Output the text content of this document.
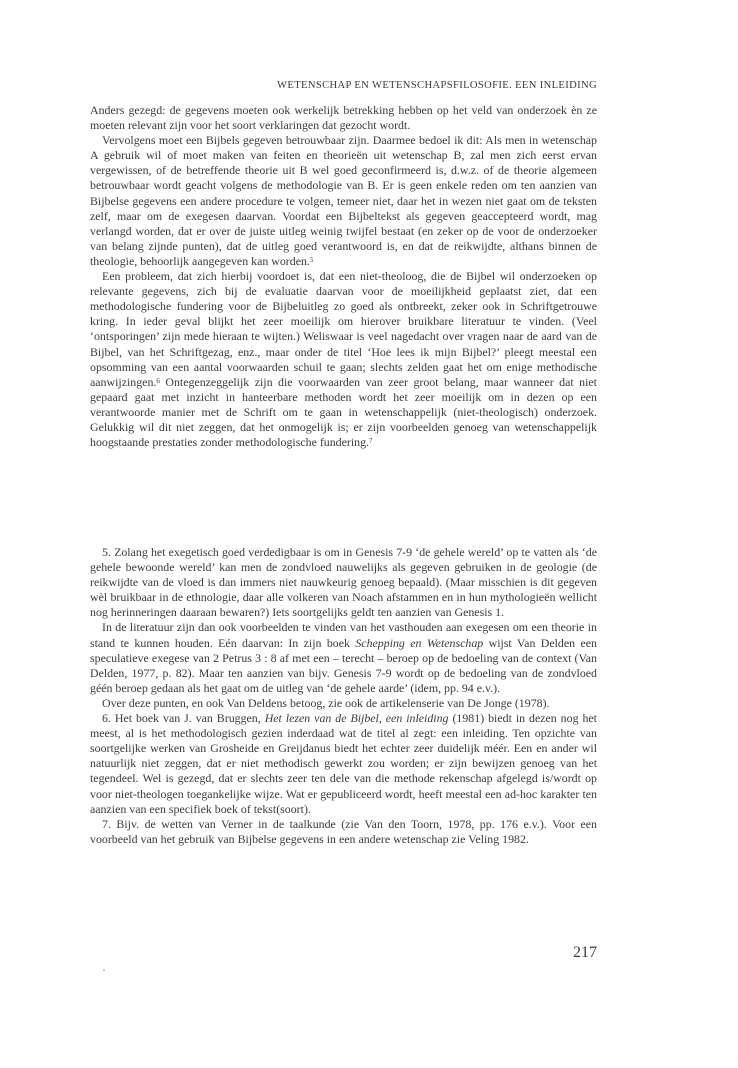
WETENSCHAP EN WETENSCHAPSFILOSOFIE. EEN INLEIDING

Anders gezegd: de gegevens moeten ook werkelijk betrekking hebben op het veld van onderzoek èn ze moeten relevant zijn voor het soort verklaringen dat gezocht wordt.

Vervolgens moet een Bijbels gegeven betrouwbaar zijn. Daarmee bedoel ik dit: Als men in wetenschap A gebruik wil of moet maken van feiten en theorieën uit wetenschap B, zal men zich eerst ervan vergewissen, of de betreffende theorie uit B wel goed geconfirmeerd is, d.w.z. of de theorie algemeen betrouwbaar wordt geacht volgens de methodologie van B. Er is geen enkele reden om ten aanzien van Bijbelse gegevens een andere procedure te volgen, temeer niet, daar het in wezen niet gaat om de teksten zelf, maar om de exegesen daarvan. Voordat een Bijbeltekst als gegeven geaccepteerd wordt, mag verlangd worden, dat er over de juiste uitleg weinig twijfel bestaat (en zeker op de voor de onderzoeker van belang zijnde punten), dat de uitleg goed verantwoord is, en dat de reikwijdte, althans binnen de theologie, behoorlijk aangegeven kan worden.$^5$

Een probleem, dat zich hierbij voordoet is, dat een niet-theoloog, die de Bijbel wil onderzoeken op relevante gegevens, zich bij de evaluatie daarvan voor de moeilijkheid geplaatst ziet, dat een methodologische fundering voor de Bijbeluitleg zo goed als ontbreekt, zeker ook in Schriftgetrouwe kring. In ieder geval blijkt het zeer moeilijk om hierover bruikbare literatuur te vinden. (Veel ‘ontsporingen’ zijn mede hieraan te wijten.) Weliswaar is veel nagedacht over vragen naar de aard van de Bijbel, van het Schriftgezag, enz., maar onder de titel ‘Hoe lees ik mijn Bijbel?’ pleegt meestal een opsomming van een aantal voorwaarden schuil te gaan; slechts zelden gaat het om enige methodische aanwijzingen.$^6$ Ontegenzeggelijk zijn die voorwaarden van zeer groot belang, maar wanneer dat niet gepaard gaat met inzicht in hanteerbare methoden wordt het zeer moeilijk om in dezen op een verantwoorde manier met de Schrift om te gaan in wetenschappelijk (niet-theologisch) onderzoek. Gelukkig wil dit niet zeggen, dat het onmogelijk is; er zijn voorbeelden genoeg van wetenschappelijk hoogstaande prestaties zonder methodologische fundering.$^7$

5. Zolang het exegetisch goed verdedigbaar is om in Genesis 7-9 ‘de gehele wereld’ op te vatten als ‘de gehele bewoonde wereld’ kan men de zondvloed nauwelijks als gegeven gebruiken in de geologie (de reikwijdte van de vloed is dan immers niet nauwkeurig genoeg bepaald). (Maar misschien is dit gegeven wèl bruikbaar in de ethnologie, daar alle volkeren van Noach afstammen en in hun mythologieën wellicht nog herinneringen daaraan bewaren?) Iets soortgelijks geldt ten aanzien van Genesis 1.

In de literatuur zijn dan ook voorbeelden te vinden van het vasthouden aan exegesen om een theorie in stand te kunnen houden. Eén daarvan: In zijn boek Schepping en Wetenschap wijst Van Delden een speculatieve exegese van 2 Petrus 3 : 8 af met een – terecht – beroep op de bedoeling van de context (Van Delden, 1977, p. 82). Maar ten aanzien van bijv. Genesis 7-9 wordt op de bedoeling van de zondvloed géén beroep gedaan als het gaat om de uitleg van ‘de gehele aarde’ (idem, pp. 94 e.v.).

Over deze punten, en ook Van Deldens betoog, zie ook de artikelenserie van De Jonge (1978).

6. Het boek van J. van Bruggen, Het lezen van de Bijbel, een inleiding (1981) biedt in dezen nog het meest, al is het methodologisch gezien inderdaad wat de titel al zegt: een inleiding. Ten opzichte van soortgelijke werken van Grosheide en Greijdanus biedt het echter zeer duidelijk méér. Een en ander wil natuurlijk niet zeggen, dat er niet methodisch gewerkt zou worden; er zijn bewijzen genoeg van het tegendeel. Wel is gezegd, dat er slechts zeer ten dele van die methode rekenschap afgelegd is/wordt op voor niet-theologen toegankelijke wijze. Wat er gepubliceerd wordt, heeft meestal een ad-hoc karakter ten aanzien van een specifiek boek of tekst(soort).

7. Bijv. de wetten van Verner in de taalkunde (zie Van den Toorn, 1978, pp. 176 e.v.). Voor een voorbeeld van het gebruik van Bijbelse gegevens in een andere wetenschap zie Veling 1982.

217
